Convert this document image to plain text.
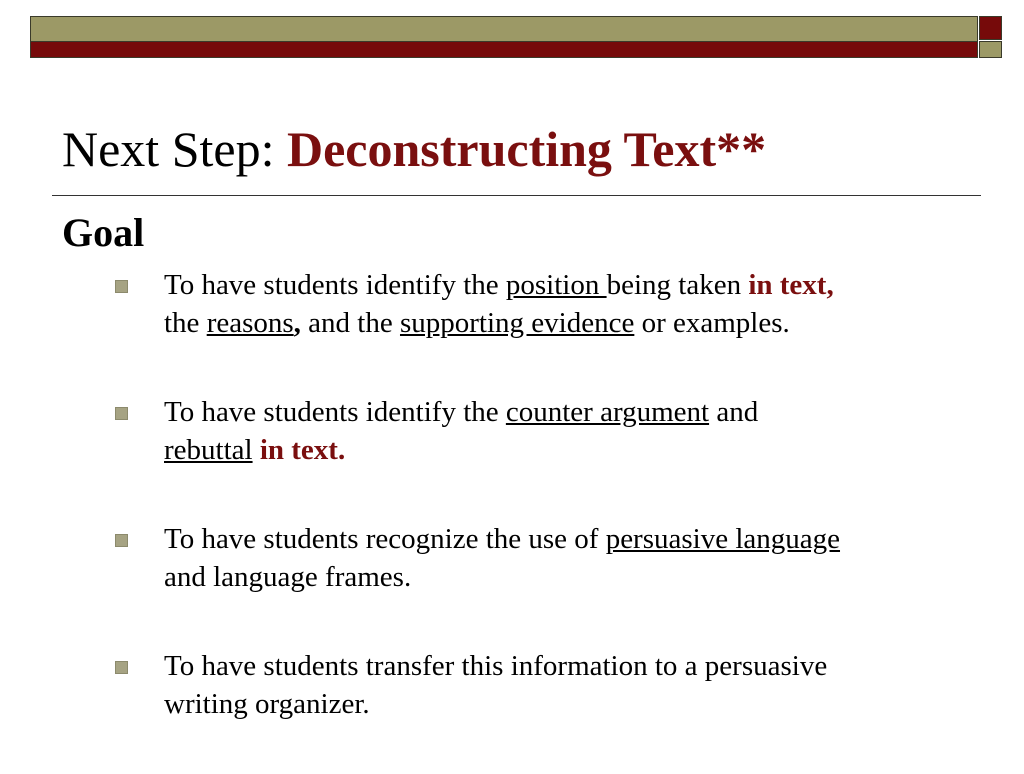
Next Step: Deconstructing Text**
Goal
To have students identify the position being taken in text,
the reasons, and the supporting evidence or examples.
To have students identify the counter argument and
rebuttal in text.
To have students recognize the use of persuasive language
and language frames.
To have students transfer this information to a persuasive
writing organizer.
